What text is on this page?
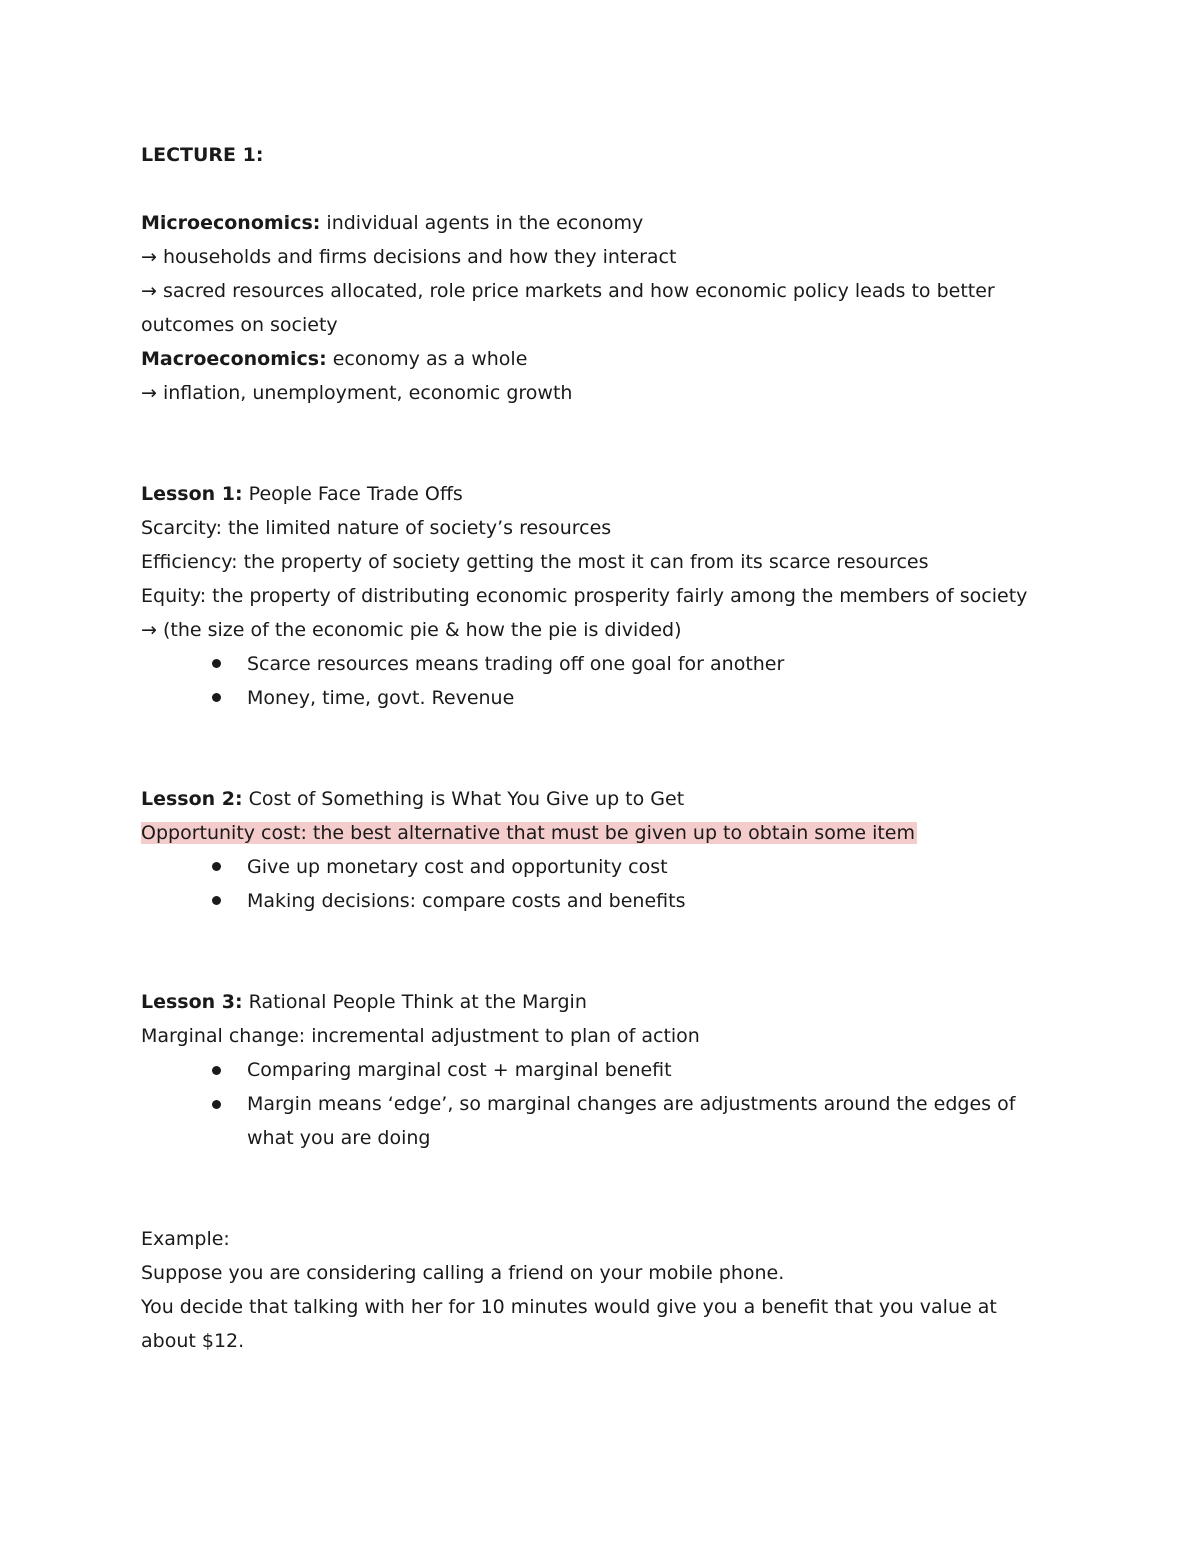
LECTURE 1:
Microeconomics: individual agents in the economy
→ households and firms decisions and how they interact
→ sacred resources allocated, role price markets and how economic policy leads to better
outcomes on society
Macroeconomics: economy as a whole
→ inflation, unemployment, economic growth
Lesson 1: People Face Trade Offs
Scarcity: the limited nature of society’s resources
Efficiency: the property of society getting the most it can from its scarce resources
Equity: the property of distributing economic prosperity fairly among the members of society
→ (the size of the economic pie & how the pie is divided)
Scarce resources means trading off one goal for another
Money, time, govt. Revenue
Lesson 2: Cost of Something is What You Give up to Get
Opportunity cost: the best alternative that must be given up to obtain some item
Give up monetary cost and opportunity cost
Making decisions: compare costs and benefits
Lesson 3: Rational People Think at the Margin
Marginal change: incremental adjustment to plan of action
Comparing marginal cost + marginal benefit
Margin means ‘edge’, so marginal changes are adjustments around the edges of
what you are doing
Example:
Suppose you are considering calling a friend on your mobile phone.
You decide that talking with her for 10 minutes would give you a benefit that you value at
about $12.
